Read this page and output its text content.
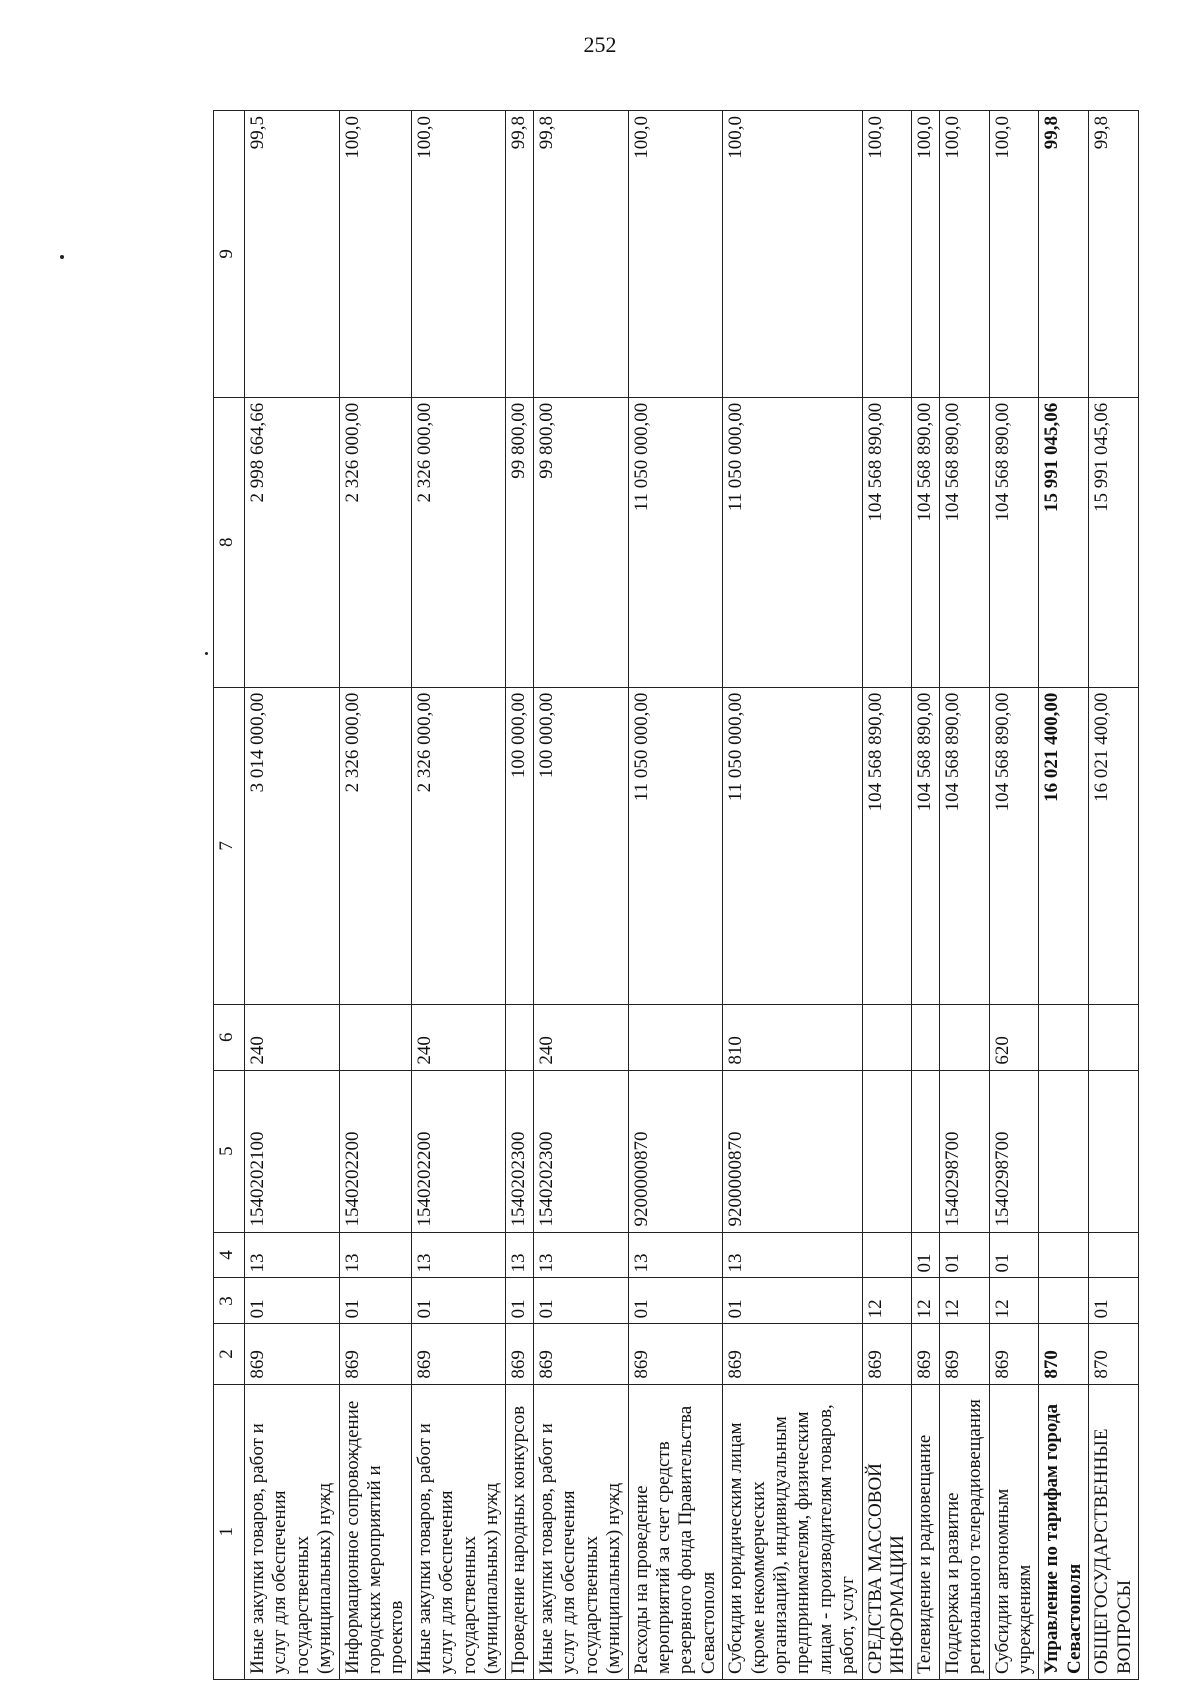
252
1	2	3	4	5	6	7	8	9
Иные закупки товаров, работ и услуг для обеспечения государственных (муниципальных) нужд	869	01	13	1540202100	240	3 014 000,00	2 998 664,66	99,5
Информационное сопровождение городских мероприятий и проектов	869	01	13	1540202200		2 326 000,00	2 326 000,00	100,0
Иные закупки товаров, работ и услуг для обеспечения государственных (муниципальных) нужд	869	01	13	1540202200	240	2 326 000,00	2 326 000,00	100,0
Проведение народных конкурсов	869	01	13	1540202300		100 000,00	99 800,00	99,8
Иные закупки товаров, работ и услуг для обеспечения государственных (муниципальных) нужд	869	01	13	1540202300	240	100 000,00	99 800,00	99,8
Расходы на проведение мероприятий за счет средств резервного фонда Правительства Севастополя	869	01	13	9200000870		11 050 000,00	11 050 000,00	100,0
Субсидии юридическим лицам (кроме некоммерческих организаций), индивидуальным предпринимателям, физическим лицам - производителям товаров, работ, услуг	869	01	13	9200000870	810	11 050 000,00	11 050 000,00	100,0
СРЕДСТВА МАССОВОЙ ИНФОРМАЦИИ	869	12				104 568 890,00	104 568 890,00	100,0
Телевидение и радиовещание	869	12	01			104 568 890,00	104 568 890,00	100,0
Поддержка и развитие регионального телерадиовещания	869	12	01	1540298700		104 568 890,00	104 568 890,00	100,0
Субсидии автономным учреждениям	869	12	01	1540298700	620	104 568 890,00	104 568 890,00	100,0
Управление по тарифам города Севастополя	870					16 021 400,00	15 991 045,06	99,8
ОБЩЕГОСУДАРСТВЕННЫЕ ВОПРОСЫ	870	01				16 021 400,00	15 991 045,06	99,8
